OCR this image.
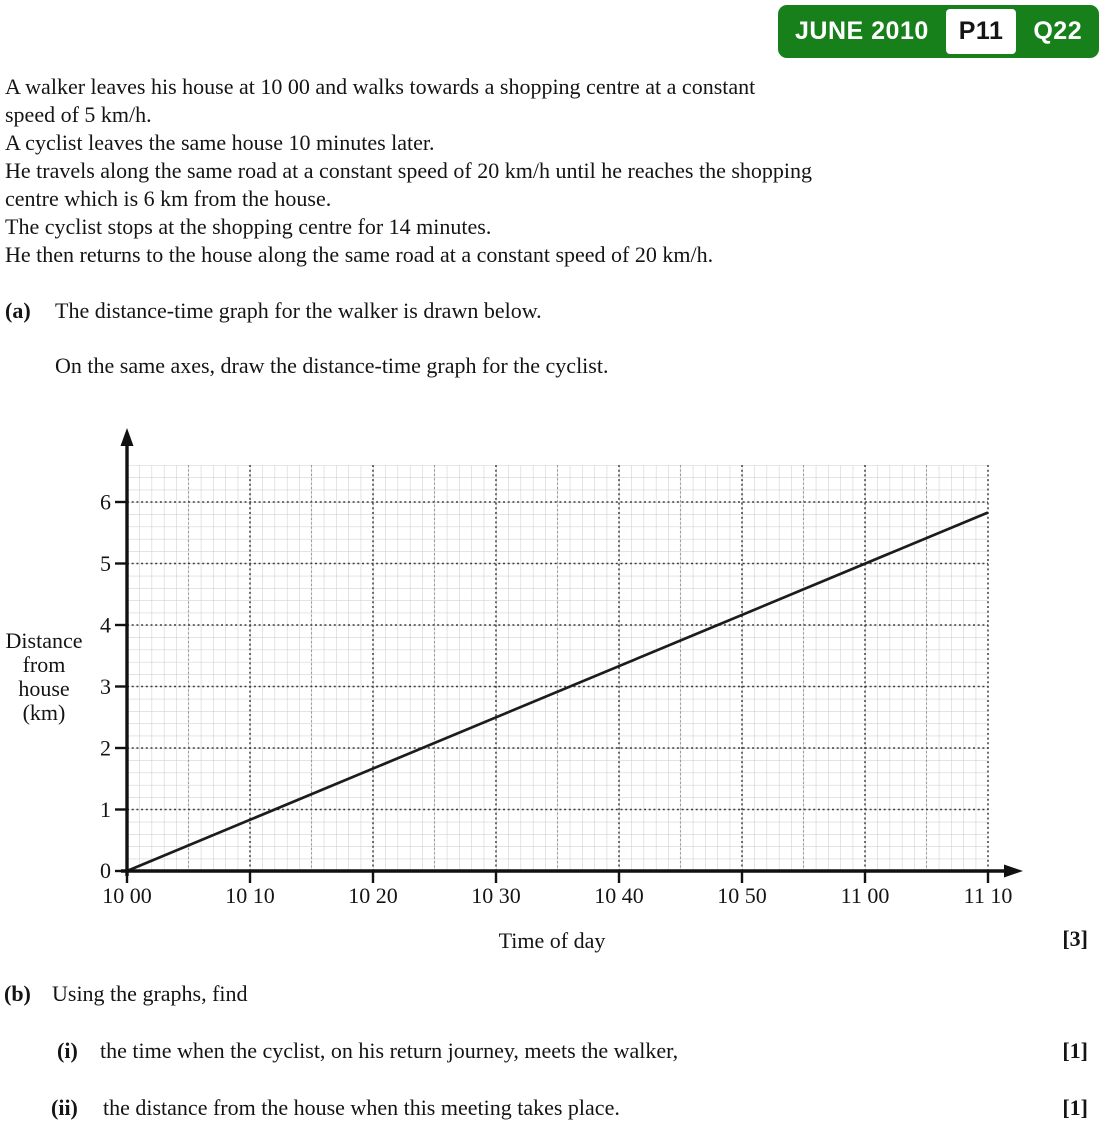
JUNE 2010	P11	Q22
A walker leaves his house at 10 00 and walks towards a shopping centre at a constant
speed of 5 km/h.
A cyclist leaves the same house 10 minutes later.
He travels along the same road at a constant speed of 20 km/h until he reaches the shopping
centre which is 6 km from the house.
The cyclist stops at the shopping centre for 14 minutes.
He then returns to the house along the same road at a constant speed of 20 km/h.
(a) The distance-time graph for the walker is drawn below.
On the same axes, draw the distance-time graph for the cyclist.
0
1
2
3
4
5
6
10 00	10 10	10 20	10 30	10 40	10 50	11 00	11 10
Distance
from
house
(km)
Time of day	[3]
(b) Using the graphs, find
(i) the time when the cyclist, on his return journey, meets the walker,	[1]
(ii) the distance from the house when this meeting takes place.	[1]
